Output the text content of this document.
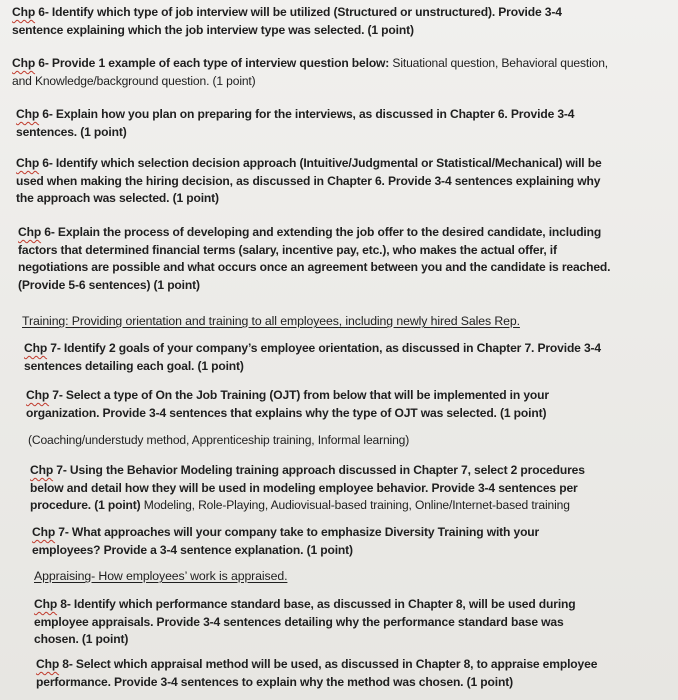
Chp 6- Identify which type of job interview will be utilized (Structured or unstructured). Provide 3-4 sentence explaining which the job interview type was selected. (1 point)
Chp 6- Provide 1 example of each type of interview question below: Situational question, Behavioral question, and Knowledge/background question. (1 point)
Chp 6- Explain how you plan on preparing for the interviews, as discussed in Chapter 6. Provide 3-4 sentences. (1 point)
Chp 6- Identify which selection decision approach (Intuitive/Judgmental or Statistical/Mechanical) will be used when making the hiring decision, as discussed in Chapter 6. Provide 3-4 sentences explaining why the approach was selected. (1 point)
Chp 6- Explain the process of developing and extending the job offer to the desired candidate, including factors that determined financial terms (salary, incentive pay, etc.), who makes the actual offer, if negotiations are possible and what occurs once an agreement between you and the candidate is reached. (Provide 5-6 sentences) (1 point)
Training: Providing orientation and training to all employees, including newly hired Sales Rep.
Chp 7- Identify 2 goals of your company’s employee orientation, as discussed in Chapter 7. Provide 3-4 sentences detailing each goal. (1 point)
Chp 7- Select a type of On the Job Training (OJT) from below that will be implemented in your organization. Provide 3-4 sentences that explains why the type of OJT was selected. (1 point)
(Coaching/understudy method, Apprenticeship training, Informal learning)
Chp 7- Using the Behavior Modeling training approach discussed in Chapter 7, select 2 procedures below and detail how they will be used in modeling employee behavior. Provide 3-4 sentences per procedure. (1 point) Modeling, Role-Playing, Audiovisual-based training, Online/Internet-based training
Chp 7- What approaches will your company take to emphasize Diversity Training with your employees? Provide a 3-4 sentence explanation. (1 point)
Appraising- How employees’ work is appraised.
Chp 8- Identify which performance standard base, as discussed in Chapter 8, will be used during employee appraisals. Provide 3-4 sentences detailing why the performance standard base was chosen. (1 point)
Chp 8- Select which appraisal method will be used, as discussed in Chapter 8, to appraise employee performance. Provide 3-4 sentences to explain why the method was chosen. (1 point)
